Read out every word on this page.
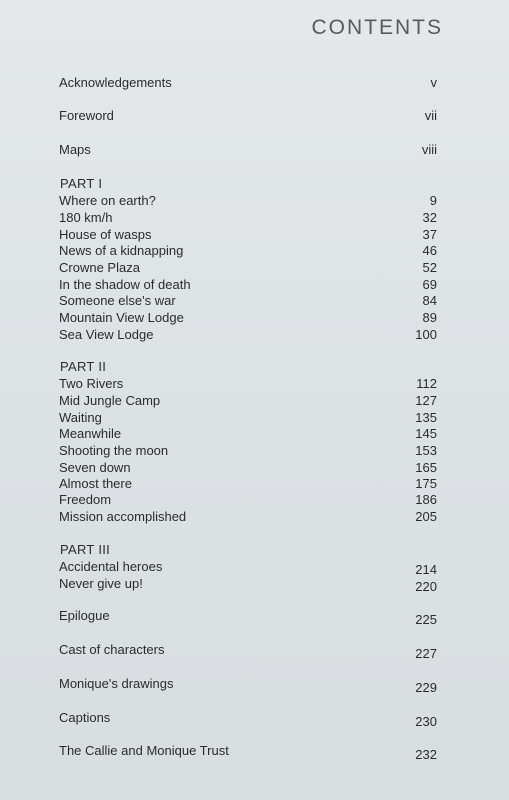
CONTENTS
Acknowledgements	v
Foreword	vii
Maps	viii
PART I
Where on earth?	9
180 km/h	32
House of wasps	37
News of a kidnapping	46
Crowne Plaza	52
In the shadow of death	69
Someone else's war	84
Mountain View Lodge	89
Sea View Lodge	100
PART II
Two Rivers	112
Mid Jungle Camp	127
Waiting	135
Meanwhile	145
Shooting the moon	153
Seven down	165
Almost there	175
Freedom	186
Mission accomplished	205
PART III
Accidental heroes	214
Never give up!	220
Epilogue	225
Cast of characters	227
Monique's drawings	229
Captions	230
The Callie and Monique Trust	232
